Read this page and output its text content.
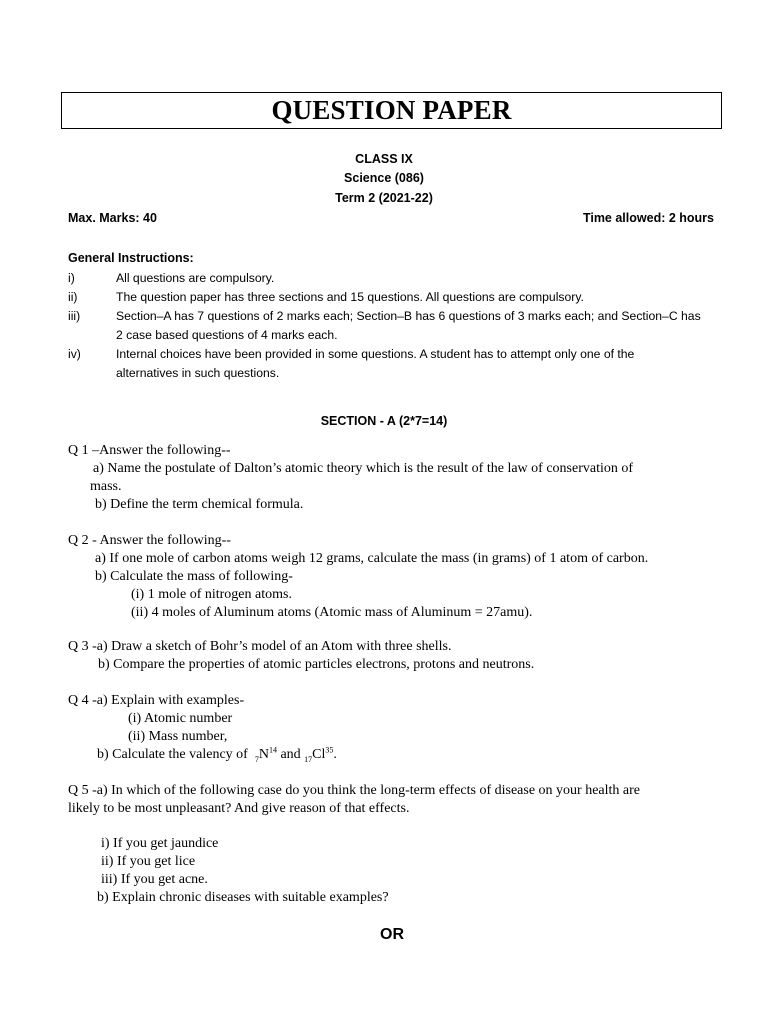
QUESTION PAPER
CLASS IX
Science (086)
Term 2 (2021-22)
Max. Marks: 40	Time allowed: 2 hours
General Instructions:
i)	All questions are compulsory.
ii)	The question paper has three sections and 15 questions. All questions are compulsory.
iii)	Section–A has 7 questions of 2 marks each; Section–B has 6 questions of 3 marks each; and Section–C has
2 case based questions of 4 marks each.
iv)	Internal choices have been provided in some questions. A student has to attempt only one of the
alternatives in such questions.
SECTION - A (2*7=14)
Q 1 –Answer the following--
a) Name the postulate of Dalton’s atomic theory which is the result of the law of conservation of
mass.
b) Define the term chemical formula.
Q 2 - Answer the following--
a) If one mole of carbon atoms weigh 12 grams, calculate the mass (in grams) of 1 atom of carbon.
b) Calculate the mass of following-
(i) 1 mole of nitrogen atoms.
(ii) 4 moles of Aluminum atoms (Atomic mass of Aluminum = 27amu).
Q 3 -a) Draw a sketch of Bohr’s model of an Atom with three shells.
b) Compare the properties of atomic particles electrons, protons and neutrons.
Q 4 -a) Explain with examples-
(i) Atomic number
(ii) Mass number,
b) Calculate the valency of $_7N^{14}$ and $_{17}Cl^{35}$.
Q 5 -a) In which of the following case do you think the long-term effects of disease on your health are
likely to be most unpleasant? And give reason of that effects.
i) If you get jaundice
ii) If you get lice
iii) If you get acne.
b) Explain chronic diseases with suitable examples?
OR
